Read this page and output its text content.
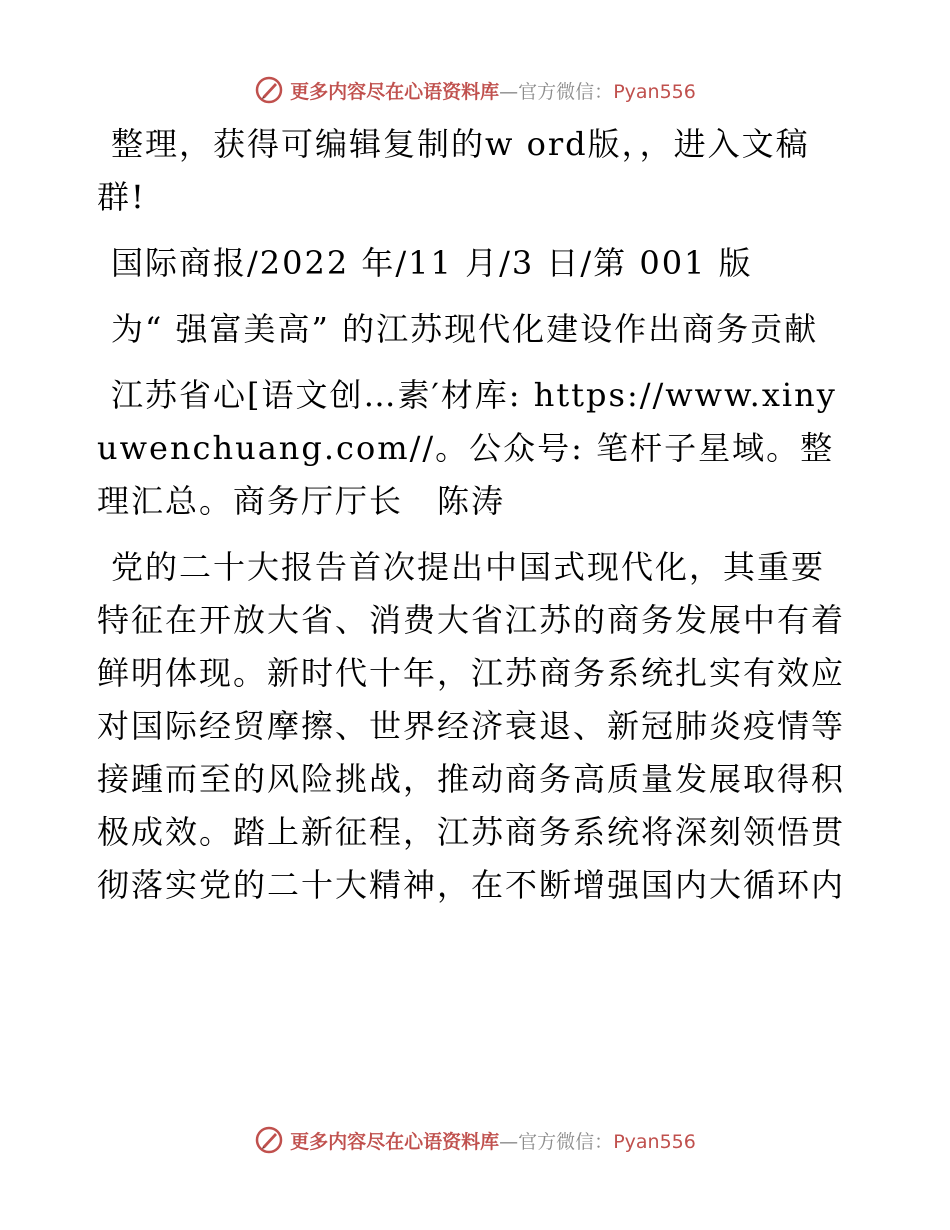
更多内容尽在心语资料库—官方微信：Pyan556

整理，获得可编辑复制的w ord版，，进入文稿群!

国际商报/2022 年/11 月/3 日/第 001 版

为“ 强富美高” 的江苏现代化建设作出商务贡献

江苏省心[语文创…素′材库: https://www.xinyuwenchuang.com//。公众号: 笔杆子星域。整理汇总。商务厅厅长　陈涛

党的二十大报告首次提出中国式现代化，其重要特征在开放大省、消费大省江苏的商务发展中有着鲜明体现。新时代十年，江苏商务系统扎实有效应对国际经贸摩擦、世界经济衰退、新冠肺炎疫情等接踵而至的风险挑战，推动商务高质量发展取得积极成效。踏上新征程，江苏商务系统将深刻领悟贯彻落实党的二十大精神，在不断增强国内大循环内

更多内容尽在心语资料库—官方微信：Pyan556
